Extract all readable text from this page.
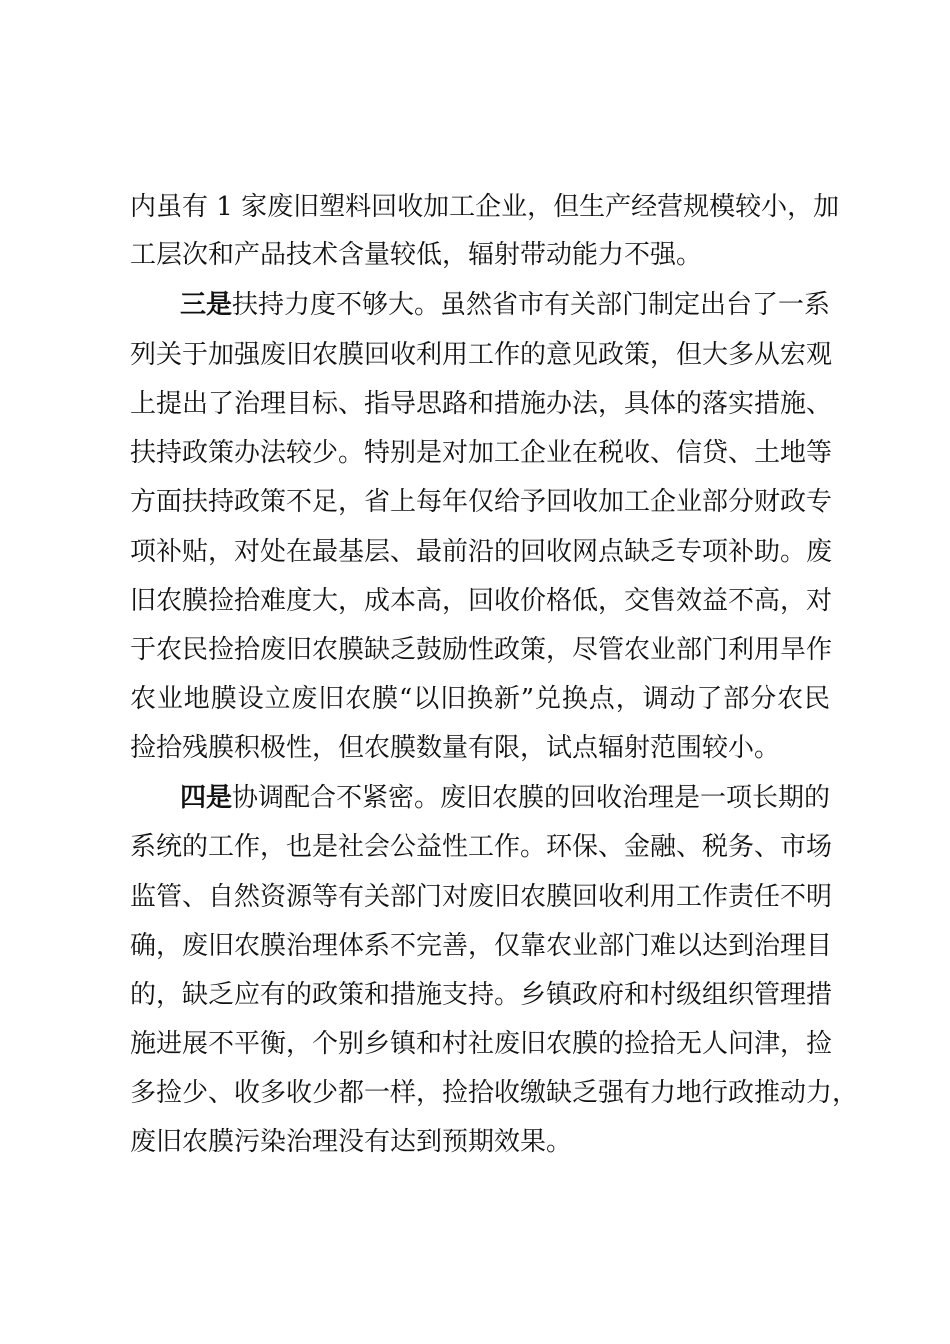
内虽有 1 家废旧塑料回收加工企业，但生产经营规模较小，加
工层次和产品技术含量较低，辐射带动能力不强。
三是扶持力度不够大。虽然省市有关部门制定出台了一系
列关于加强废旧农膜回收利用工作的意见政策，但大多从宏观
上提出了治理目标、指导思路和措施办法，具体的落实措施、
扶持政策办法较少。特别是对加工企业在税收、信贷、土地等
方面扶持政策不足，省上每年仅给予回收加工企业部分财政专
项补贴，对处在最基层、最前沿的回收网点缺乏专项补助。废
旧农膜捡拾难度大，成本高，回收价格低，交售效益不高，对
于农民捡拾废旧农膜缺乏鼓励性政策，尽管农业部门利用旱作
农业地膜设立废旧农膜“以旧换新”兑换点，调动了部分农民
捡拾残膜积极性，但农膜数量有限，试点辐射范围较小。
四是协调配合不紧密。废旧农膜的回收治理是一项长期的
系统的工作，也是社会公益性工作。环保、金融、税务、市场
监管、自然资源等有关部门对废旧农膜回收利用工作责任不明
确，废旧农膜治理体系不完善，仅靠农业部门难以达到治理目
的，缺乏应有的政策和措施支持。乡镇政府和村级组织管理措
施进展不平衡，个别乡镇和村社废旧农膜的捡拾无人问津，捡
多捡少、收多收少都一样，捡拾收缴缺乏强有力地行政推动力，
废旧农膜污染治理没有达到预期效果。
